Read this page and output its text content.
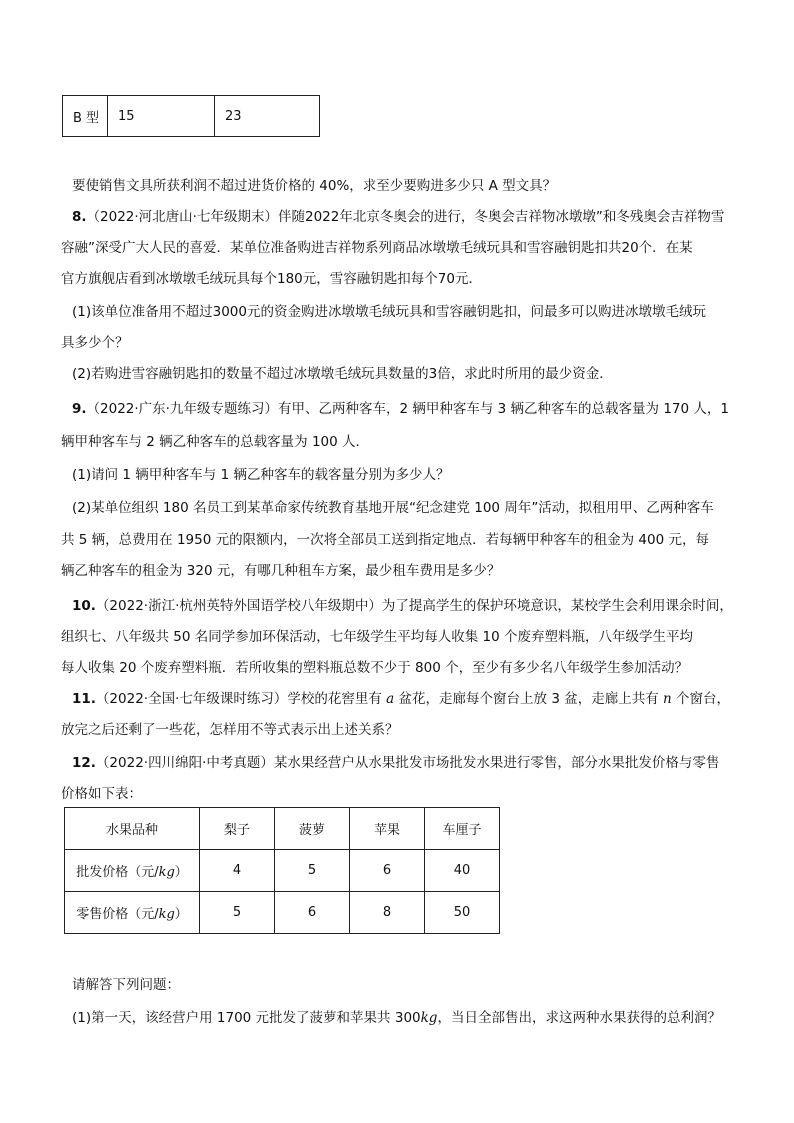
B 型	15	23
要使销售文具所获利润不超过进货价格的 40%，求至少要购进多少只 A 型文具？
8.（2022·河北唐山·七年级期末）伴随2022年北京冬奥会的进行，冬奥会吉祥物冰墩墩”和冬残奥会吉祥物雪
容融”深受广大人民的喜爱．某单位准备购进吉祥物系列商品冰墩墩毛绒玩具和雪容融钥匙扣共20个．在某
官方旗舰店看到冰墩墩毛绒玩具每个180元，雪容融钥匙扣每个70元．
(1)该单位准备用不超过3000元的资金购进冰墩墩毛绒玩具和雪容融钥匙扣，问最多可以购进冰墩墩毛绒玩
具多少个？
(2)若购进雪容融钥匙扣的数量不超过冰墩墩毛绒玩具数量的3倍，求此时所用的最少资金．
9.（2022·广东·九年级专题练习）有甲、乙两种客车，2 辆甲种客车与 3 辆乙种客车的总载客量为 170 人，1
辆甲种客车与 2 辆乙种客车的总载客量为 100 人．
(1)请问 1 辆甲种客车与 1 辆乙种客车的载客量分别为多少人？
(2)某单位组织 180 名员工到某革命家传统教育基地开展“纪念建党 100 周年”活动，拟租用甲、乙两种客车
共 5 辆，总费用在 1950 元的限额内，一次将全部员工送到指定地点．若每辆甲种客车的租金为 400 元，每
辆乙种客车的租金为 320 元，有哪几种租车方案，最少租车费用是多少？
10.（2022·浙江·杭州英特外国语学校八年级期中）为了提高学生的保护环境意识，某校学生会利用课余时间，
组织七、八年级共 50 名同学参加环保活动，七年级学生平均每人收集 10 个废弃塑料瓶，八年级学生平均
每人收集 20 个废弃塑料瓶．若所收集的塑料瓶总数不少于 800 个，至少有多少名八年级学生参加活动？
11.（2022·全国·七年级课时练习）学校的花窖里有 a 盆花，走廊每个窗台上放 3 盆，走廊上共有 n 个窗台，
放完之后还剩了一些花，怎样用不等式表示出上述关系？
12.（2022·四川绵阳·中考真题）某水果经营户从水果批发市场批发水果进行零售，部分水果批发价格与零售
价格如下表：
水果品种	梨子	菠萝	苹果	车厘子
批发价格（元/kg）	4	5	6	40
零售价格（元/kg）	5	6	8	50
请解答下列问题：
(1)第一天，该经营户用 1700 元批发了菠萝和苹果共 300kg，当日全部售出，求这两种水果获得的总利润？
